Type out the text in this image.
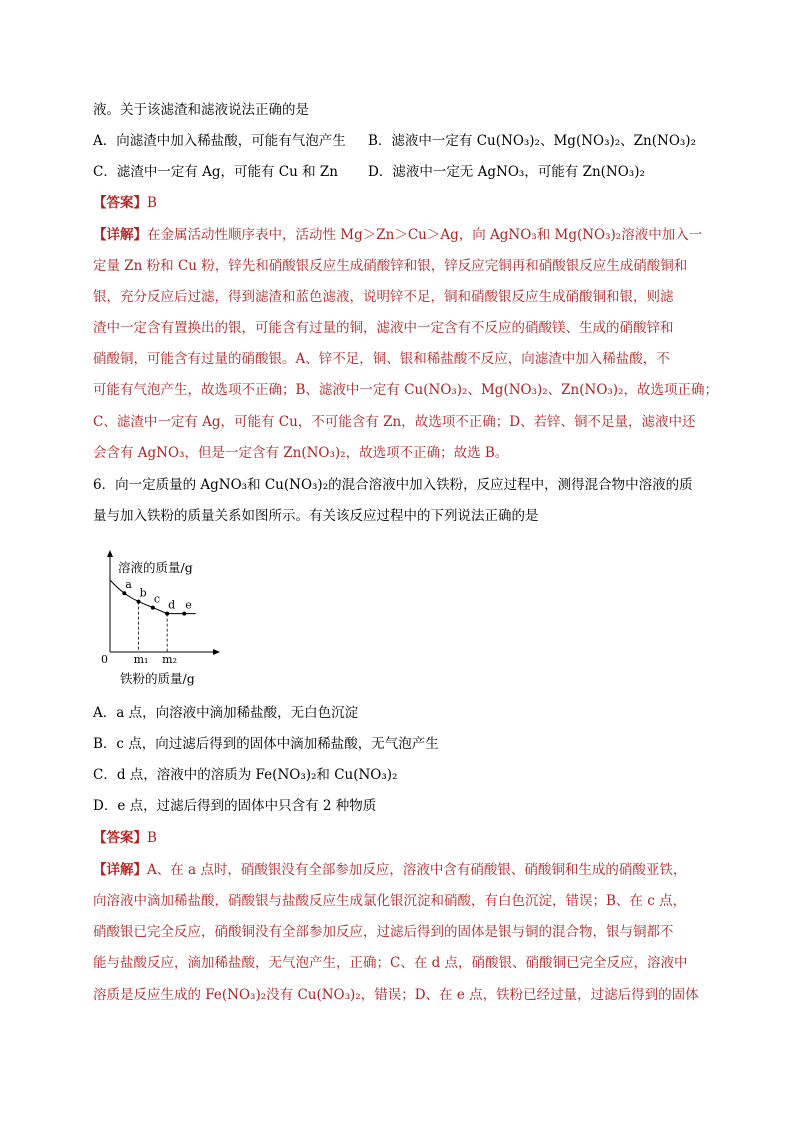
液。关于该滤渣和滤液说法正确的是
A．向滤渣中加入稀盐酸，可能有气泡产生 B．滤液中一定有 Cu(NO₃)₂、Mg(NO₃)₂、Zn(NO₃)₂
C．滤渣中一定有 Ag，可能有 Cu 和 Zn D．滤液中一定无 AgNO₃，可能有 Zn(NO₃)₂
【答案】B
【详解】在金属活动性顺序表中，活动性 Mg＞Zn＞Cu＞Ag，向 AgNO₃和 Mg(NO₃)₂溶液中加入一
定量 Zn 粉和 Cu 粉，锌先和硝酸银反应生成硝酸锌和银，锌反应完铜再和硝酸银反应生成硝酸铜和
银，充分反应后过滤，得到滤渣和蓝色滤液，说明锌不足，铜和硝酸银反应生成硝酸铜和银，则滤
渣中一定含有置换出的银，可能含有过量的铜，滤液中一定含有不反应的硝酸镁、生成的硝酸锌和
硝酸铜，可能含有过量的硝酸银。A、锌不足，铜、银和稀盐酸不反应，向滤渣中加入稀盐酸，不
可能有气泡产生，故选项不正确；B、滤液中一定有 Cu(NO₃)₂、Mg(NO₃)₂、Zn(NO₃)₂，故选项正确；
C、滤渣中一定有 Ag，可能有 Cu，不可能含有 Zn，故选项不正确；D、若锌、铜不足量，滤液中还
会含有 AgNO₃，但是一定含有 Zn(NO₃)₂，故选项不正确；故选 B。
6．向一定质量的 AgNO₃和 Cu(NO₃)₂的混合溶液中加入铁粉，反应过程中，测得混合物中溶液的质
量与加入铁粉的质量关系如图所示。有关该反应过程中的下列说法正确的是
溶液的质量/g
铁粉的质量/g
0 m₁ m₂
a
b c d e
A．a 点，向溶液中滴加稀盐酸，无白色沉淀
B．c 点，向过滤后得到的固体中滴加稀盐酸，无气泡产生
C．d 点，溶液中的溶质为 Fe(NO₃)₂和 Cu(NO₃)₂
D．e 点，过滤后得到的固体中只含有 2 种物质
【答案】B
【详解】A、在 a 点时，硝酸银没有全部参加反应，溶液中含有硝酸银、硝酸铜和生成的硝酸亚铁，
向溶液中滴加稀盐酸，硝酸银与盐酸反应生成氯化银沉淀和硝酸，有白色沉淀，错误；B、在 c 点，
硝酸银已完全反应，硝酸铜没有全部参加反应，过滤后得到的固体是银与铜的混合物，银与铜都不
能与盐酸反应，滴加稀盐酸，无气泡产生，正确；C、在 d 点，硝酸银、硝酸铜已完全反应，溶液中
溶质是反应生成的 Fe(NO₃)₂没有 Cu(NO₃)₂，错误；D、在 e 点，铁粉已经过量，过滤后得到的固体
